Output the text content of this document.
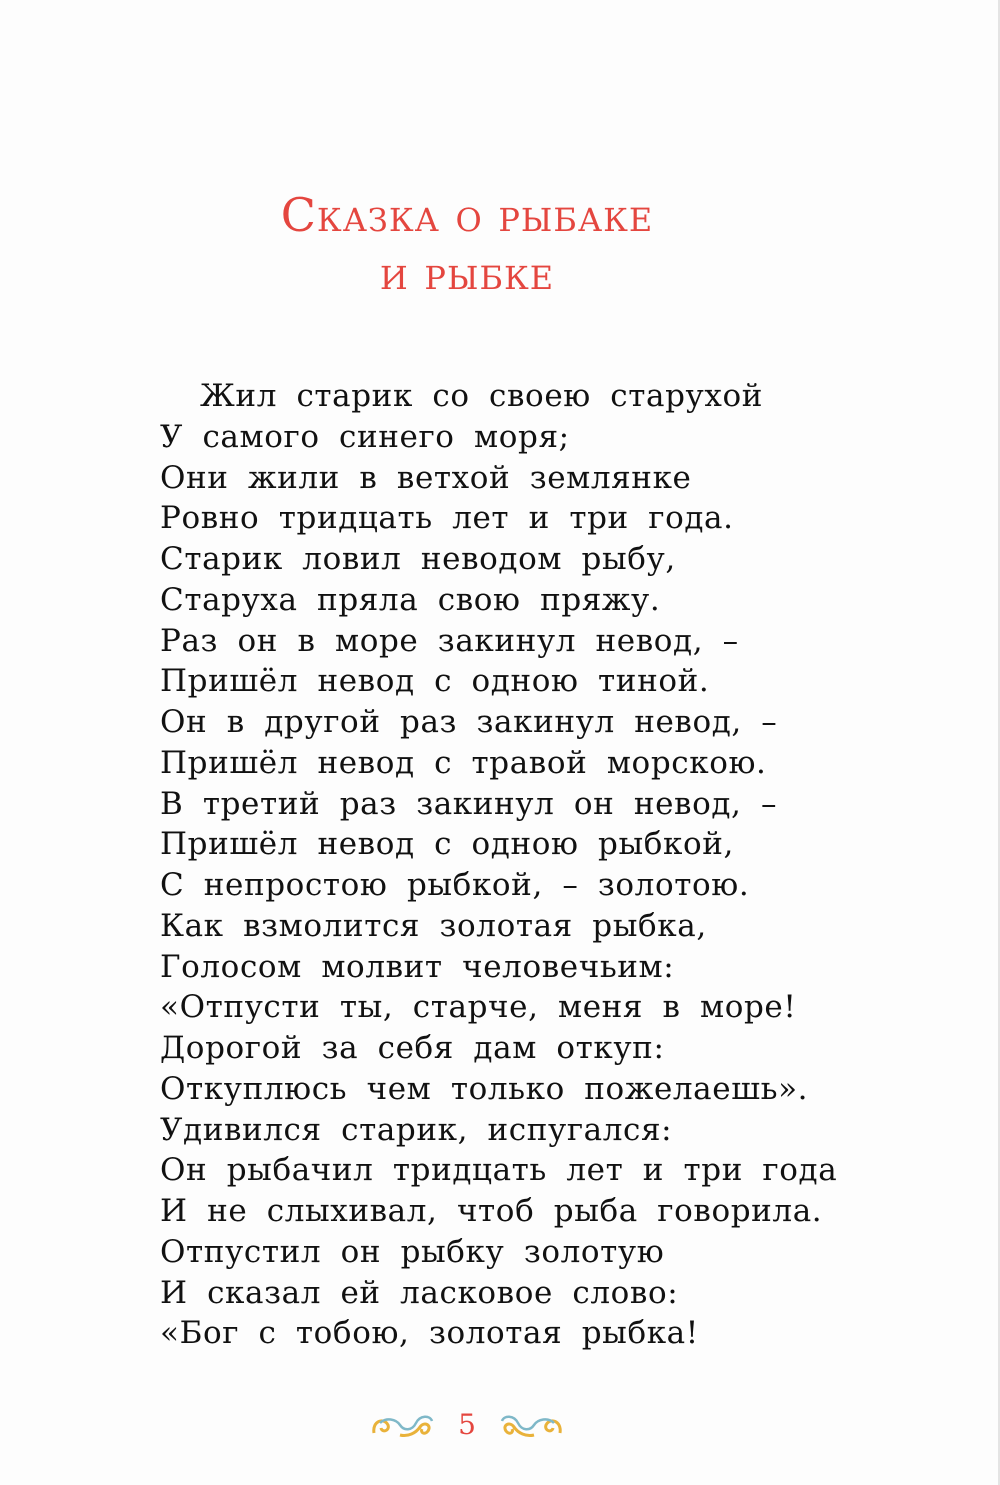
Сказка о рыбаке
и рыбке
Жил старик со своею старухой
У самого синего моря;
Они жили в ветхой землянке
Ровно тридцать лет и три года.
Старик ловил неводом рыбу,
Старуха пряла свою пряжу.
Раз он в море закинул невод, –
Пришёл невод с одною тиной.
Он в другой раз закинул невод, –
Пришёл невод с травой морскою.
В третий раз закинул он невод, –
Пришёл невод с одною рыбкой,
С непростою рыбкой, – золотою.
Как взмолится золотая рыбка,
Голосом молвит человечьим:
«Отпусти ты, старче, меня в море!
Дорогой за себя дам откуп:
Откуплюсь чем только пожелаешь».
Удивился старик, испугался:
Он рыбачил тридцать лет и три года
И не слыхивал, чтоб рыба говорила.
Отпустил он рыбку золотую
И сказал ей ласковое слово:
«Бог с тобою, золотая рыбка!
5
